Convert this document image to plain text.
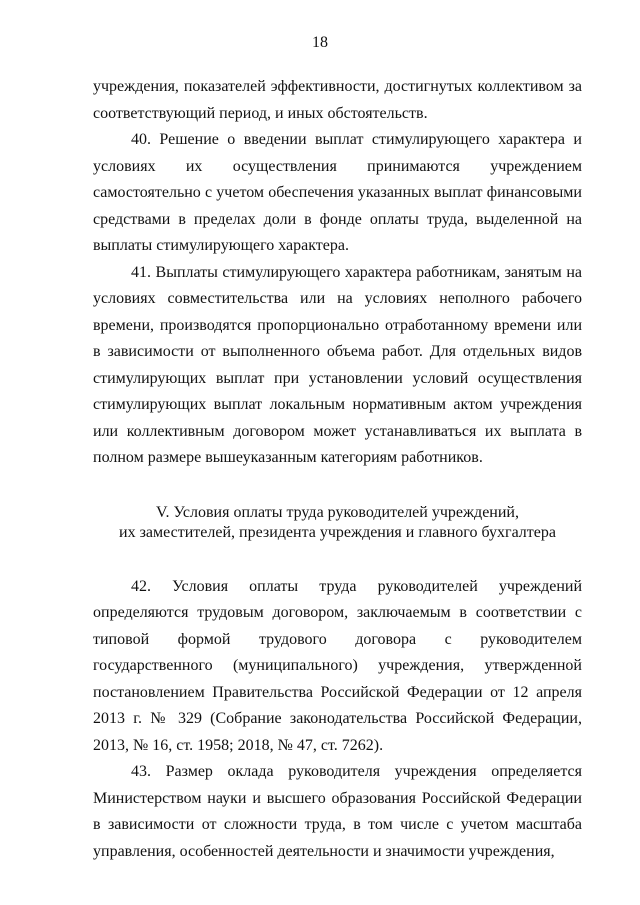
18

учреждения, показателей эффективности, достигнутых коллективом за соответствующий период, и иных обстоятельств.

40. Решение о введении выплат стимулирующего характера и условиях их осуществления принимаются учреждением самостоятельно с учетом обеспечения указанных выплат финансовыми средствами в пределах доли в фонде оплаты труда, выделенной на выплаты стимулирующего характера.

41. Выплаты стимулирующего характера работникам, занятым на условиях совместительства или на условиях неполного рабочего времени, производятся пропорционально отработанному времени или в зависимости от выполненного объема работ. Для отдельных видов стимулирующих выплат при установлении условий осуществления стимулирующих выплат локальным нормативным актом учреждения или коллективным договором может устанавливаться их выплата в полном размере вышеуказанным категориям работников.

V. Условия оплаты труда руководителей учреждений,
их заместителей, президента учреждения и главного бухгалтера

42. Условия оплаты труда руководителей учреждений определяются трудовым договором, заключаемым в соответствии с типовой формой трудового договора с руководителем государственного (муниципального) учреждения, утвержденной постановлением Правительства Российской Федерации от 12 апреля 2013 г. № 329 (Собрание законодательства Российской Федерации, 2013, № 16, ст. 1958; 2018, № 47, ст. 7262).

43. Размер оклада руководителя учреждения определяется Министерством науки и высшего образования Российской Федерации в зависимости от сложности труда, в том числе с учетом масштаба управления, особенностей деятельности и значимости учреждения,
